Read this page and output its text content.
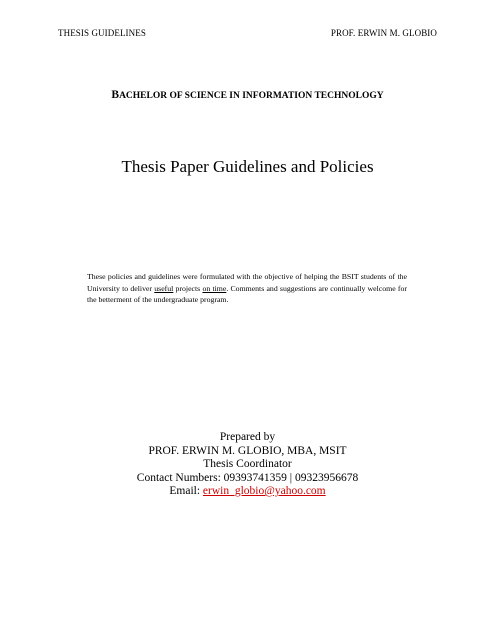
THESIS GUIDELINES	PROF. ERWIN M. GLOBIO
BACHELOR OF SCIENCE IN INFORMATION TECHNOLOGY
Thesis Paper Guidelines and Policies
These policies and guidelines were formulated with the objective of helping the BSIT students of the University to deliver useful projects on time. Comments and suggestions are continually welcome for the betterment of the undergraduate program.
Prepared by
PROF. ERWIN M. GLOBIO, MBA, MSIT
Thesis Coordinator
Contact Numbers: 09393741359 | 09323956678
Email: erwin_globio@yahoo.com
